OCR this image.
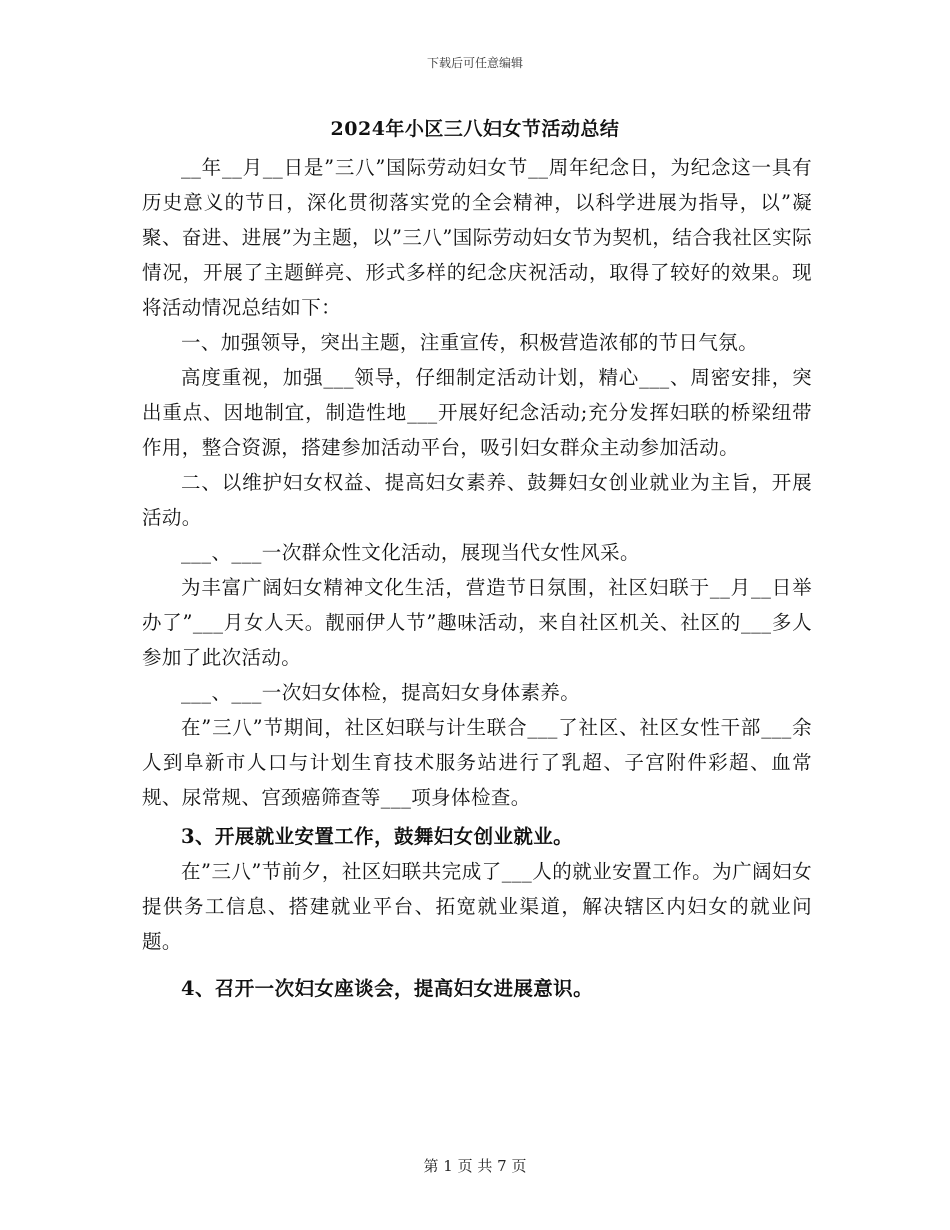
下载后可任意编辑
2024年小区三八妇女节活动总结

__年__月__日是”三八”国际劳动妇女节__周年纪念日，为纪念这一具有历史意义的节日，深化贯彻落实党的全会精神，以科学进展为指导，以”凝聚、奋进、进展”为主题，以”三八”国际劳动妇女节为契机，结合我社区实际情况，开展了主题鲜亮、形式多样的纪念庆祝活动，取得了较好的效果。现将活动情况总结如下：

一、加强领导，突出主题，注重宣传，积极营造浓郁的节日气氛。

高度重视，加强___领导，仔细制定活动计划，精心___、周密安排，突出重点、因地制宜，制造性地___开展好纪念活动;充分发挥妇联的桥梁纽带作用，整合资源，搭建参加活动平台，吸引妇女群众主动参加活动。

二、以维护妇女权益、提高妇女素养、鼓舞妇女创业就业为主旨，开展活动。

___、___一次群众性文化活动，展现当代女性风采。

为丰富广阔妇女精神文化生活，营造节日氛围，社区妇联于__月__日举办了”___月女人天。靓丽伊人节”趣味活动，来自社区机关、社区的___多人参加了此次活动。

___、___一次妇女体检，提高妇女身体素养。

在”三八”节期间，社区妇联与计生联合___了社区、社区女性干部___余人到阜新市人口与计划生育技术服务站进行了乳超、子宫附件彩超、血常规、尿常规、宫颈癌筛查等___项身体检查。

3、开展就业安置工作，鼓舞妇女创业就业。

在”三八”节前夕，社区妇联共完成了___人的就业安置工作。为广阔妇女提供务工信息、搭建就业平台、拓宽就业渠道，解决辖区内妇女的就业问题。

4、召开一次妇女座谈会，提高妇女进展意识。

第 1 页 共 7 页
